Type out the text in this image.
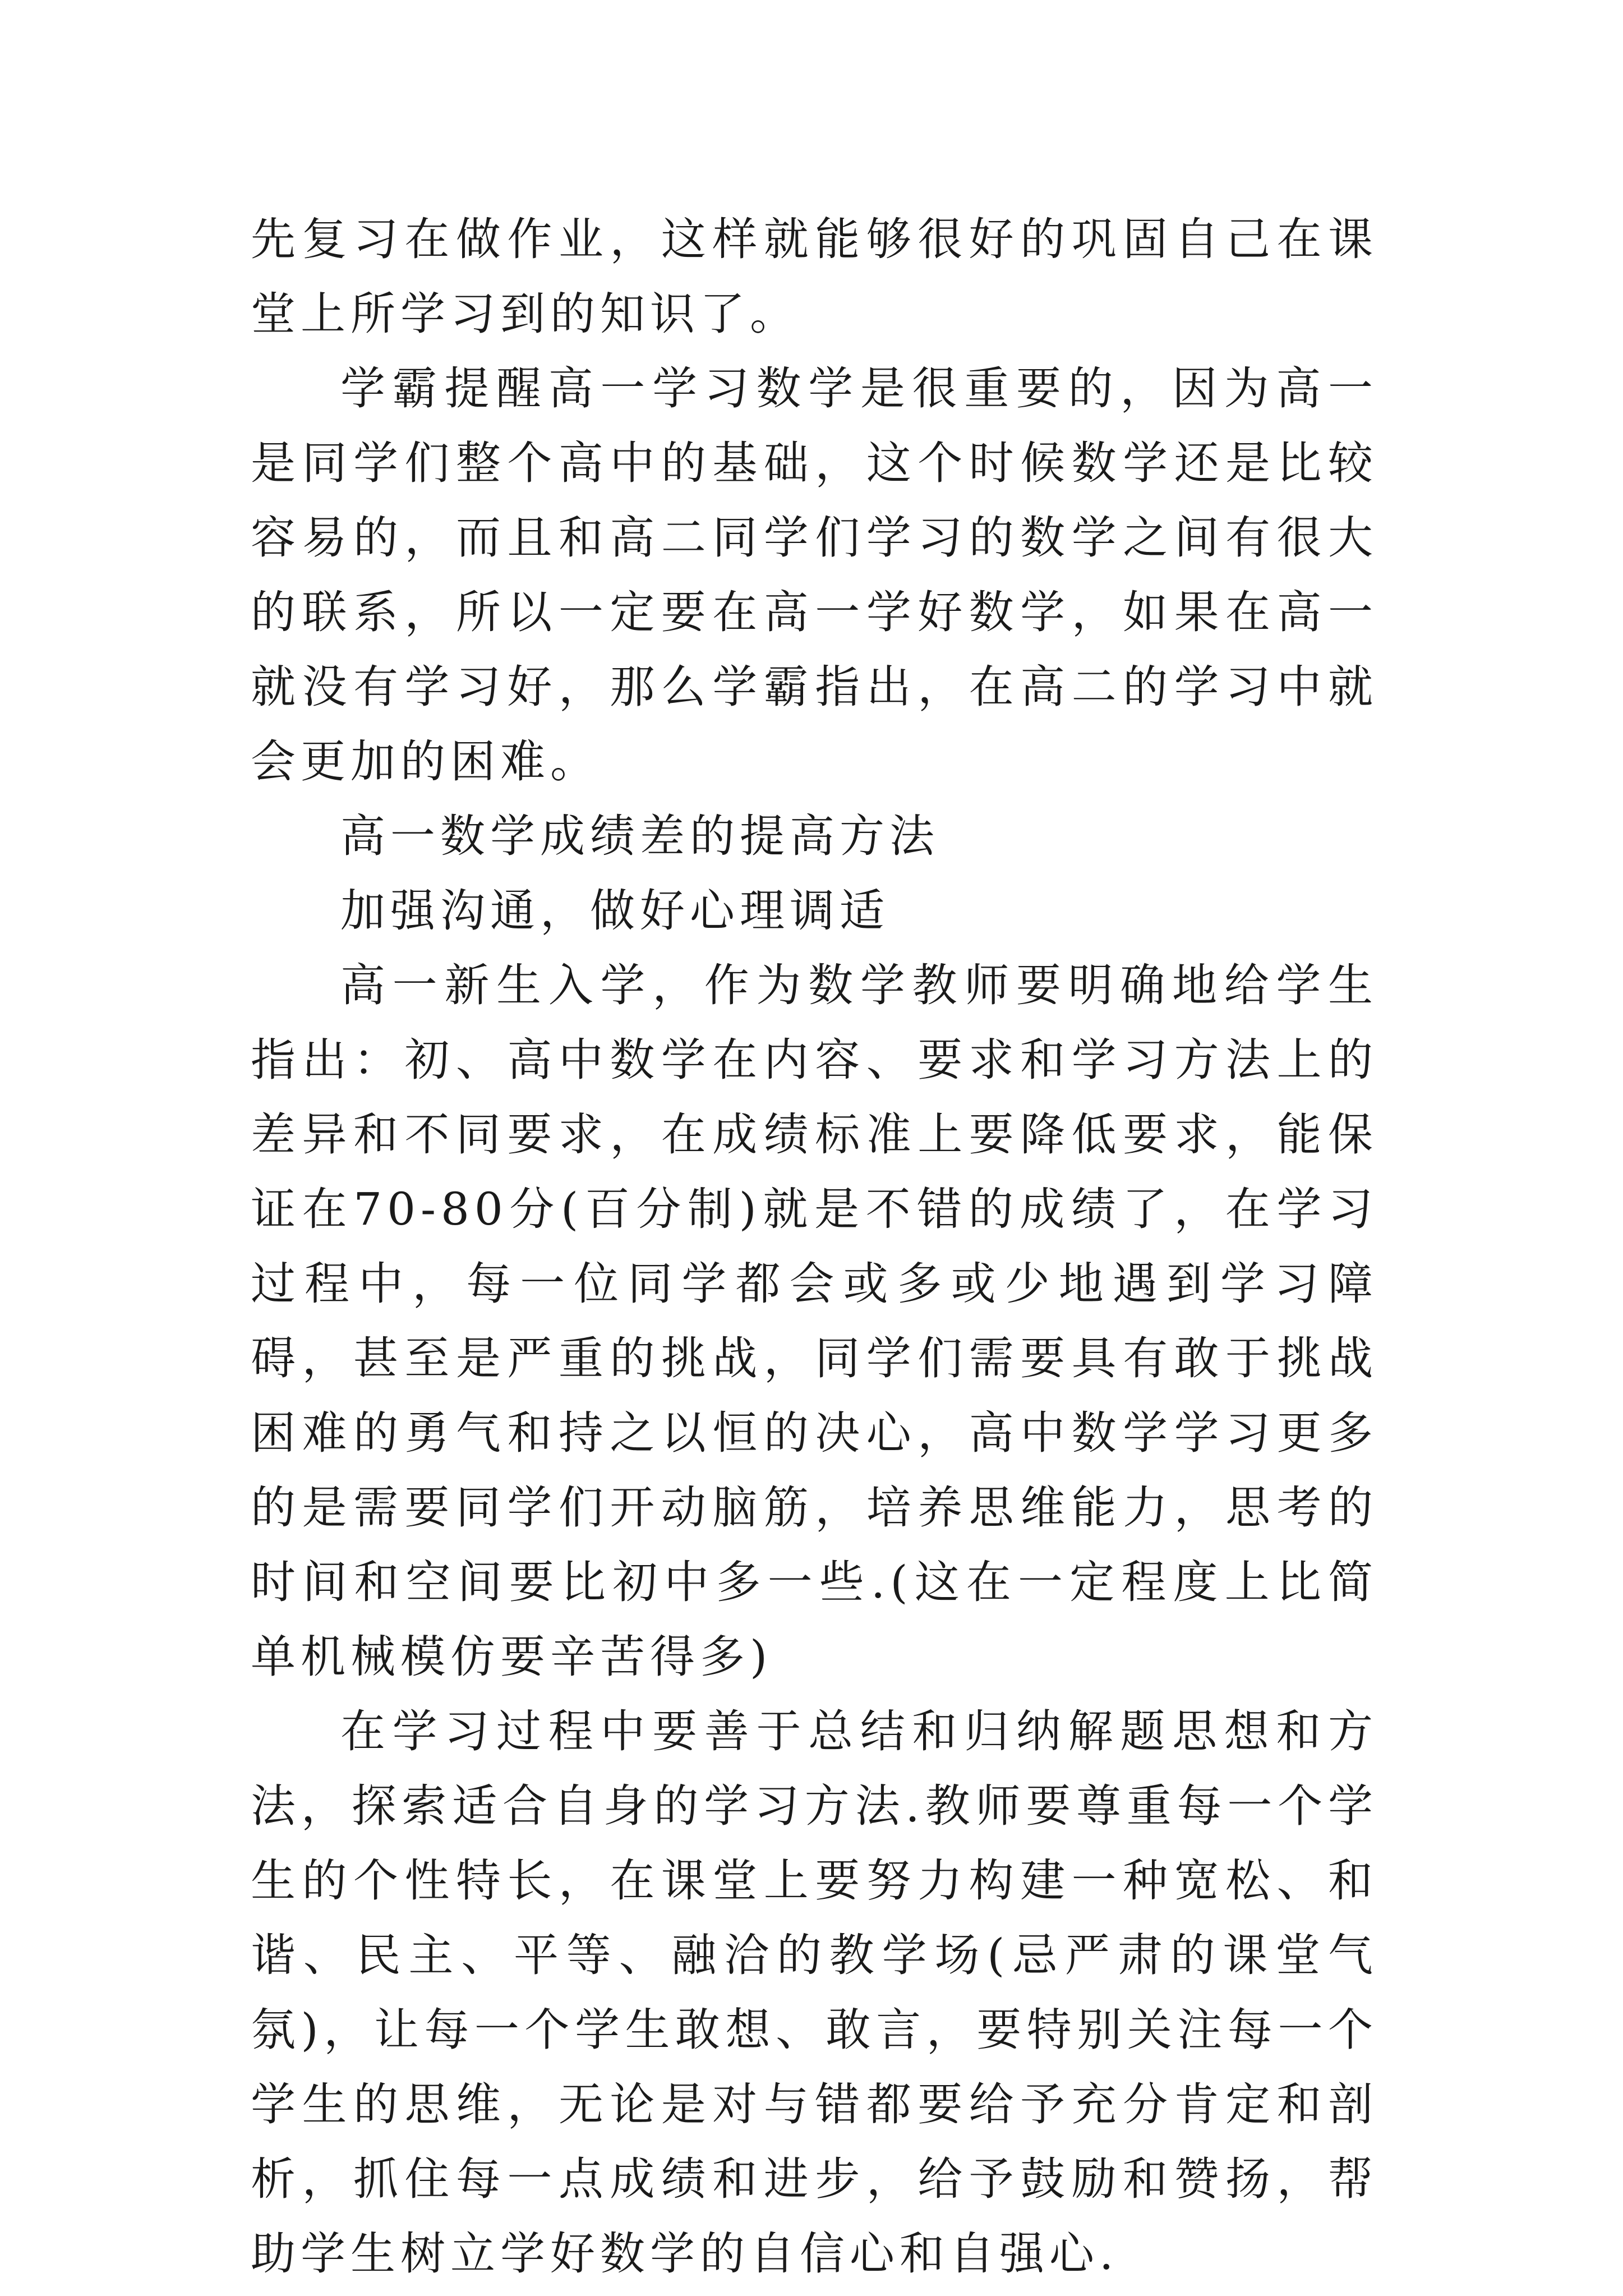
先复习在做作业，这样就能够很好的巩固自己在课堂上所学习到的知识了。

学霸提醒高一学习数学是很重要的，因为高一是同学们整个高中的基础，这个时候数学还是比较容易的，而且和高二同学们学习的数学之间有很大的联系，所以一定要在高一学好数学，如果在高一就没有学习好，那么学霸指出，在高二的学习中就会更加的困难。

高一数学成绩差的提高方法

加强沟通，做好心理调适

高一新生入学，作为数学教师要明确地给学生指出：初、高中数学在内容、要求和学习方法上的差异和不同要求，在成绩标准上要降低要求，能保证在70-80分(百分制)就是不错的成绩了，在学习过程中，每一位同学都会或多或少地遇到学习障碍，甚至是严重的挑战，同学们需要具有敢于挑战困难的勇气和持之以恒的决心，高中数学学习更多的是需要同学们开动脑筋，培养思维能力，思考的时间和空间要比初中多一些.(这在一定程度上比简单机械模仿要辛苦得多)

在学习过程中要善于总结和归纳解题思想和方法，探索适合自身的学习方法.教师要尊重每一个学生的个性特长，在课堂上要努力构建一种宽松、和谐、民主、平等、融洽的教学场(忌严肃的课堂气氛)，让每一个学生敢想、敢言，要特别关注每一个学生的思维，无论是对与错都要给予充分肯定和剖析，抓住每一点成绩和进步，给予鼓励和赞扬，帮助学生树立学好数学的自信心和自强心.
